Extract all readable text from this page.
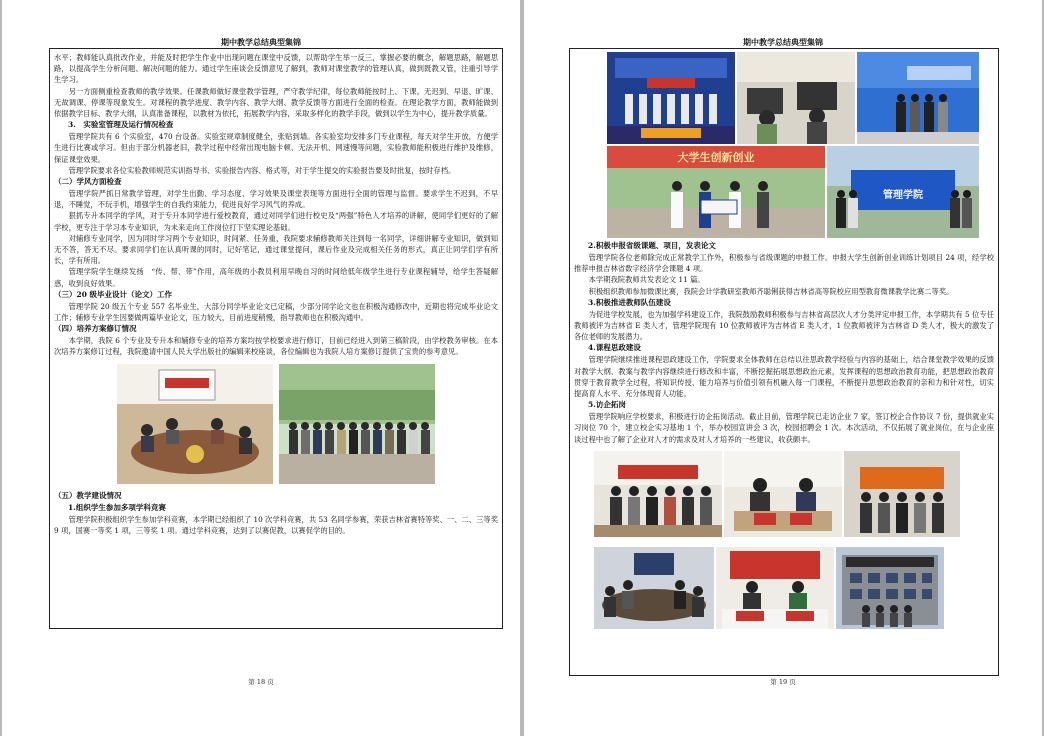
期中教学总结典型集锦

水平；教师能认真批改作业，并能及时把学生作业中出现问题在课堂中反馈，以帮助学生举一反三，掌握必要的概念，解题思路，解题思路，以提高学生分析问题、解决问题的能力。通过学生座谈会反馈意见了解到，教师对课堂教学的管理认真，做到既教又管，注重引导学生学习。

另一方面侧重检查教师的教学效果。任课教师做好课堂教学管理，严守教学纪律，每位教师能按时上、下课。无迟到、早退、旷课、无故调课、停课等现象发生。对课程的教学进度、教学内容、教学大纲、教学反馈等方面进行全面的检查。在理论教学方面，教师能做到依据教学目标、教学大纲，认真准备课程，以教材为依托，拓展教学内容，采取多样化的教学手段，做到以学生为中心，提升教学质量。

3.　实验室管理及运行情况检查

管理学院共有 6 个实验室，470 台设备。实验室规章制度健全，张贴到墙。各实验室均安排多门专业课程，每天对学生开放，方便学生进行比赛或学习。但由于部分机器老旧，教学过程中经常出现电脑卡顿、无法开机、网速慢等问题，实验教师能积极进行维护及维修，保证课堂效果。

管理学院要求各位实验教师规范实训指导书、实验报告内容、格式等，对于学生提交的实验报告要及时批复，按时存档。

（二）学风方面检查

管理学院严抓日常教学管理，对学生出勤、学习态度、学习效果及课堂表现等方面进行全面的管理与监督。要求学生不迟到，不早退，不睡觉，不玩手机，增强学生的自我约束能力，促进良好学习风气的养成。

狠抓专升本同学的学风，对于专升本同学进行爱校教育，通过对同学们进行校史及“两强”特色人才培养的讲解，使同学们更好的了解学校，更专注于学习本专业知识，为未来走向工作岗位打下坚实理论基础。

对辅修专业同学，因为同时学习两个专业知识，时间紧、任务重，我院要求辅修教师关注到每一名同学，详细讲解专业知识，做到知无不答，答无不尽。要求同学们在认真听课的同时，记好笔记，通过课堂提问，课后作业及完成相关任务的形式，真正让同学们学有所长，学有所用。

管理学院学生继续发扬　“传、帮、带”作用，高年级的小教员利用早晚自习的时间给低年级学生进行专业课程辅导，给学生答疑解惑，收到良好效果。

（三）20 级毕业设计（论文）工作

管理学院 20 级五个专业 557 名毕业生，大部分同学毕业论文已定稿，少部分同学论文也在积极沟通修改中，近期也将完成毕业论文工作；辅修专业学生因要做两篇毕业论文，压力较大，目前进度稍慢，指导教师也在积极沟通中。

（四）培养方案修订情况

本学期，我院 6 个专业及专升本和辅修专业的培养方案均按学校要求进行修订，目前已经进入到第三稿阶段，由学校教务审核。在本次培养方案修订过程，我院邀请中国人民大学出版社的编辑来校座谈，各位编辑也为我院人培方案修订提供了宝贵的参考意见。

（五）教学建设情况

1.组织学生参加多项学科竞赛

管理学院积极组织学生参加学科竞赛，本学期已经组织了 10 次学科竞赛，共 53 名同学参赛，荣获吉林省赛特等奖、一、二、三等奖 9 项，国赛一等奖 1 项，三等奖 1 项。通过学科竞赛，达到了以赛促教，以赛促学的目的。

第 18 页
期中教学总结典型集锦
大学生创新创业
管理学院

2.积极申报省级课题、项目，发表论文

管理学院各位老师除完成正常教学工作外，积极参与省级课题的申报工作。申报大学生创新创业训练计划项目 24 项，经学校推荐申报吉林省数字经济学会课题 4 项。

本学期我院教师共发表论文 11 篇。

积极组织教师参加微课比赛，我院会计学教研室教师齐聪俐获得吉林省高等院校应用型教育微课教学比赛二等奖。

3.积极推进教师队伍建设

为促进学校发展，也为加强学科建设工作，我院鼓励教师积极参与吉林省高层次人才分类评定申报工作，本学期共有 5 位专任教师被评为吉林省 E 类人才，管理学院现有 10 位教师被评为吉林省 E 类人才，1 位教师被评为吉林省 D 类人才，极大的激发了各位老师的发展潜力。

4.课程思政建设

管理学院继续推进课程思政建设工作，学院要求全体教师在总结以往思政教学经验与内容的基础上，结合课堂教学效果的反馈对教学大纲、教案与教学内容继续进行修改和丰富，不断挖掘拓展思想政治元素，发挥课程的思想政治教育功能，把思想政治教育贯穿于教育教学全过程，将知识传授、能力培养与价值引领有机融入每一门课程，不断提升思想政治教育的亲和力和针对性，切实提高育人水平、充分体现育人功能。

5.访企拓岗

管理学院响应学校要求，积极进行访企拓岗活动。截止目前，管理学院已走访企业 7 家，签订校企合作协议 7 份，提供就业实习岗位 70 个，建立校企实习基地 1 个，举办校园宣讲会 3 次，校园招聘会 1 次。本次活动，不仅拓展了就业岗位，在与企业座谈过程中也了解了企业对人才的需求及对人才培养的一些建议，收获颇丰。

第 19 页
